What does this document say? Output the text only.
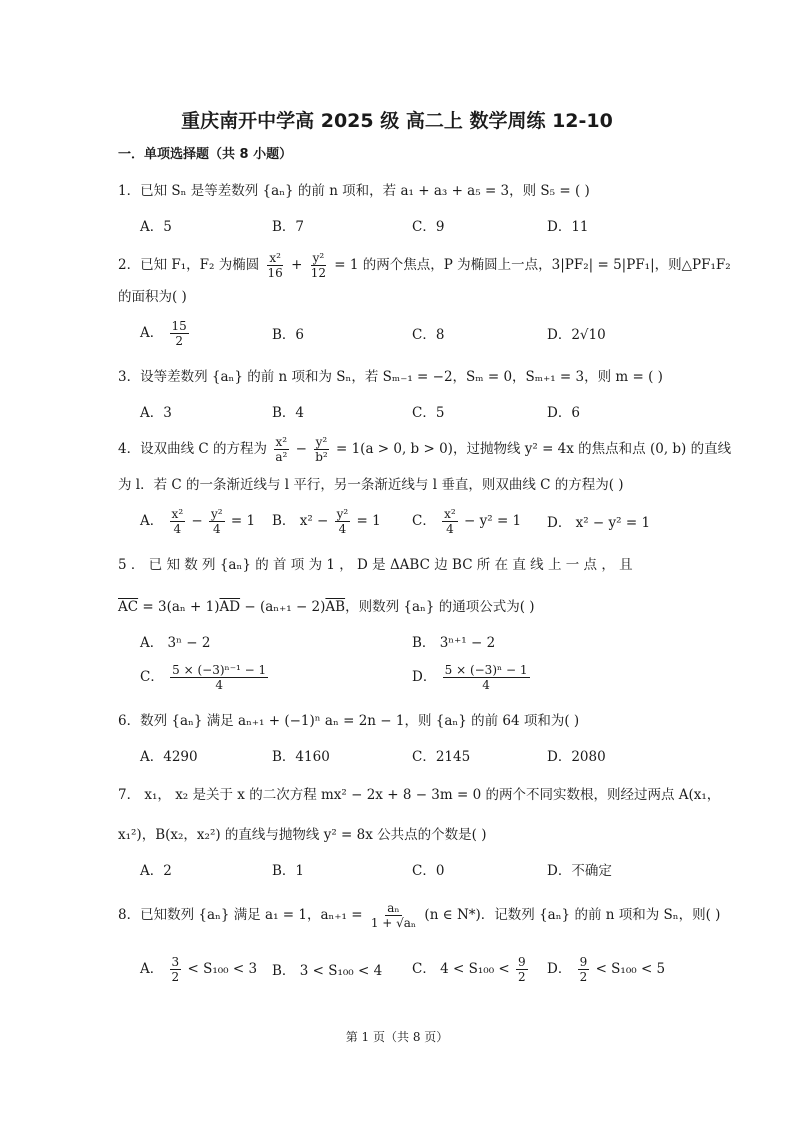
重庆南开中学高 2025 级 高二上 数学周练 12-10
一．单项选择题（共 8 小题）
1．已知 Sₙ 是等差数列 {aₙ} 的前 n 项和，若 a₁ + a₃ + a₅ = 3，则 S₅ = ( )
A．5	B．7	C．9	D．11
2．已知 F₁，F₂ 为椭圆 $\frac{\text{x²}}{16} + \frac{\text{y²}}{12} = 1$ 的两个焦点，P 为椭圆上一点，3|PF₂| = 5|PF₁|，则△PF₁F₂
的面积为( )
A． $\frac{15}{2}$	B．6	C．8	D．2√10
3．设等差数列 {aₙ} 的前 n 项和为 Sₙ，若 Sₘ₋₁ = −2，Sₘ = 0，Sₘ₊₁ = 3，则 m = ( )
A．3	B．4	C．5	D．6
4．设双曲线 C 的方程为 $\frac{\text{x²}}{\text{a²}} - \frac{\text{y²}}{\text{b²}} = 1(a > 0$, b > 0)，过抛物线 y² = 4x 的焦点和点 (0, b) 的直线
为 l．若 C 的一条渐近线与 l 平行，另一条渐近线与 l 垂直，则双曲线 C 的方程为( )
A． $\frac{\text{x²}}{4} - \frac{\text{y²}}{4} = 1$ B． $x^2 - \frac{\text{y²}}{4} = 1$ C． $\frac{\text{x²}}{4} - y^2 = 1$ D． x² − y² = 1
5 ． 已 知 数 列 {aₙ} 的 首 项 为 1 ， D 是 ΔABC 边 BC 所 在 直 线 上 一 点 ， 且
$\overline{AC} = 3(a_n + 1)\overline{AD} - (a_{n+1} - 2)\overline{AB}$，则数列 {aₙ} 的通项公式为( )
A． 3ⁿ − 2	B． 3ⁿ⁺¹ − 2
C． $\frac{\text{5 × (−3)ⁿ⁻¹ − 1}}{4}$	D． $\frac{\text{5 × (−3)ⁿ − 1}}{4}$
6．数列 {aₙ} 满足 aₙ₊₁ + (−1)ⁿ aₙ = 2n − 1，则 {aₙ} 的前 64 项和为( )
A．4290	B．4160	C．2145	D．2080
7． x₁， x₂ 是关于 x 的二次方程 mx² − 2x + 8 − 3m = 0 的两个不同实数根，则经过两点 A(x₁，
x₁²)，B(x₂，x₂²) 的直线与抛物线 y² = 8x 公共点的个数是( )
A．2	B．1	C．0	D．不确定
8．已知数列 {aₙ} 满足 a₁ = 1，$a_{n+1} = \frac{\text{aₙ}}{\text{1 + √aₙ}} (n$ ∈ N*)．记数列 {aₙ} 的前 n 项和为 Sₙ，则( )
A． $\frac{3}{2} < S_{100} < 3$ B． 3 < S₁₀₀ < 4 C． $4 < S_{100} < \frac{9}{2}$ D． $\frac{9}{2} < S_{100} < 5$
第 1 页（共 8 页）
